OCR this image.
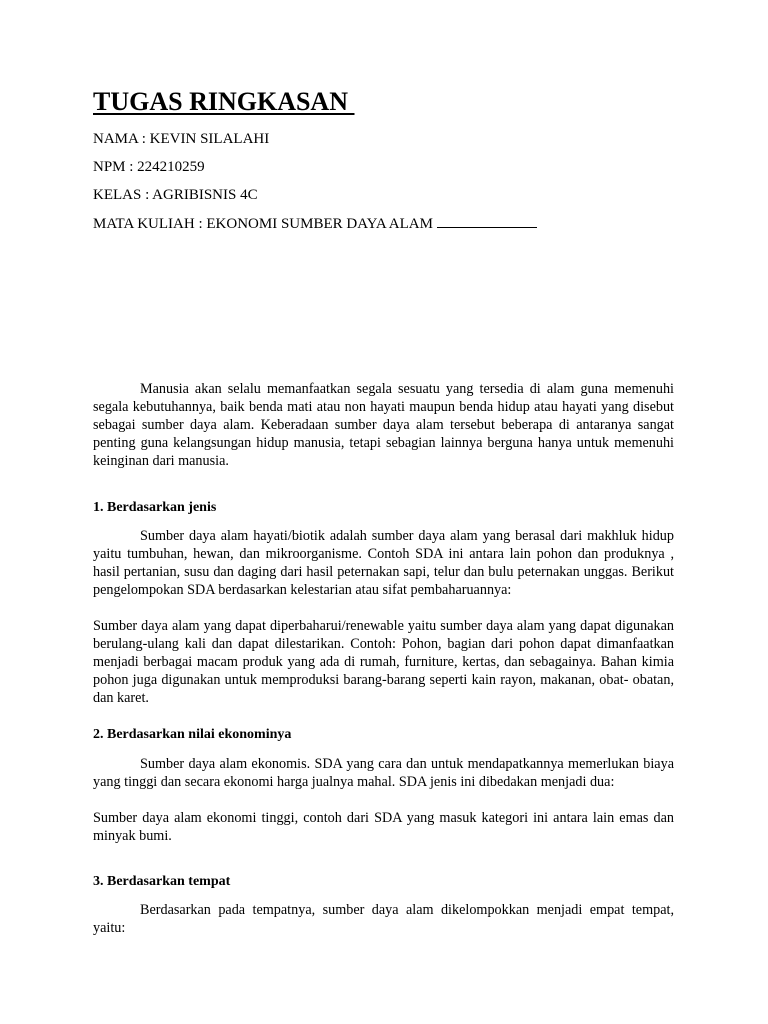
TUGAS RINGKASAN

NAMA : KEVIN SILALAHI

NPM : 224210259

KELAS : AGRIBISNIS 4C

MATA KULIAH : EKONOMI SUMBER DAYA ALAM

Manusia akan selalu memanfaatkan segala sesuatu yang tersedia di alam guna memenuhi segala kebutuhannya, baik benda mati atau non hayati maupun benda hidup atau hayati yang disebut sebagai sumber daya alam. Keberadaan sumber daya alam tersebut beberapa di antaranya sangat penting guna kelangsungan hidup manusia, tetapi sebagian lainnya berguna hanya untuk memenuhi keinginan dari manusia.

1. Berdasarkan jenis

Sumber daya alam hayati/biotik adalah sumber daya alam yang berasal dari makhluk hidup yaitu tumbuhan, hewan, dan mikroorganisme. Contoh SDA ini antara lain pohon dan produknya , hasil pertanian, susu dan daging dari hasil peternakan sapi, telur dan bulu peternakan unggas. Berikut pengelompokan SDA berdasarkan kelestarian atau sifat pembaharuannya:

Sumber daya alam yang dapat diperbaharui/renewable yaitu sumber daya alam yang dapat digunakan berulang-ulang kali dan dapat dilestarikan. Contoh: Pohon, bagian dari pohon dapat dimanfaatkan menjadi berbagai macam produk yang ada di rumah, furniture, kertas, dan sebagainya. Bahan kimia pohon juga digunakan untuk memproduksi barang-barang seperti kain rayon, makanan, obat- obatan, dan karet.

2. Berdasarkan nilai ekonominya

Sumber daya alam ekonomis. SDA yang cara dan untuk mendapatkannya memerlukan biaya yang tinggi dan secara ekonomi harga jualnya mahal. SDA jenis ini dibedakan menjadi dua:

Sumber daya alam ekonomi tinggi, contoh dari SDA yang masuk kategori ini antara lain emas dan minyak bumi.

3. Berdasarkan tempat

Berdasarkan pada tempatnya, sumber daya alam dikelompokkan menjadi empat tempat, yaitu:
